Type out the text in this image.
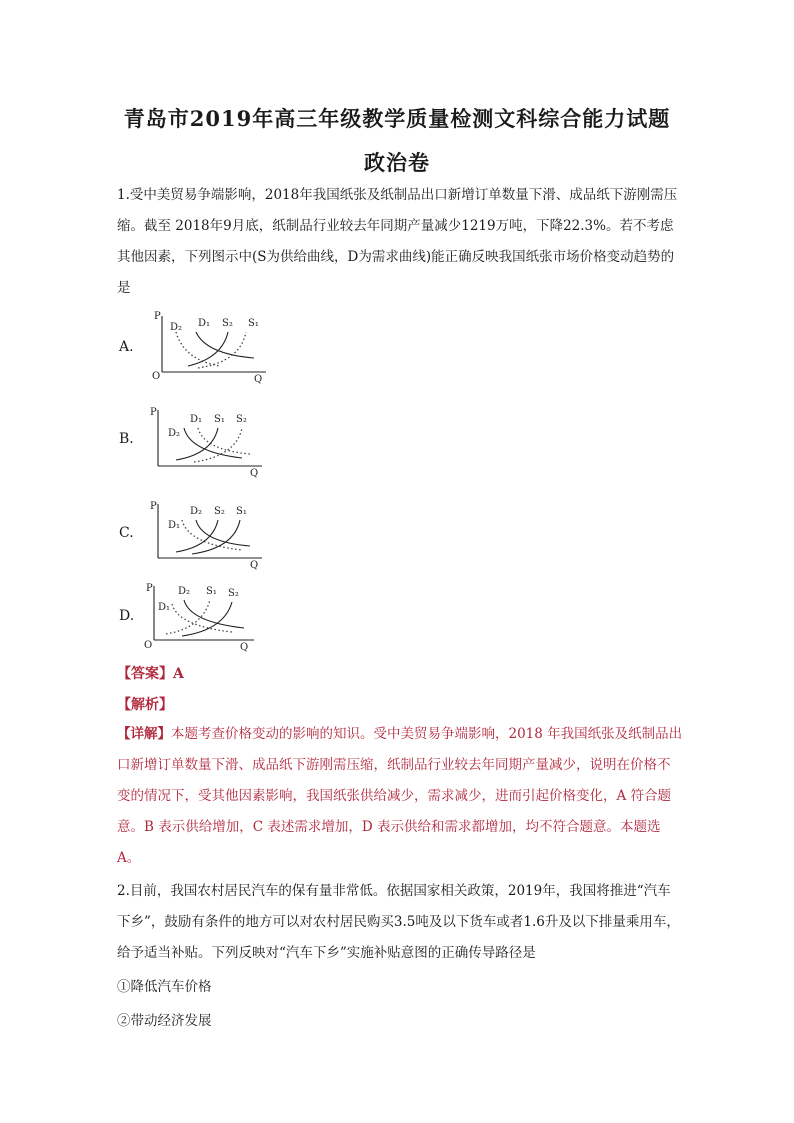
青岛市2019年高三年级教学质量检测文科综合能力试题
政治卷
1.受中美贸易争端影响，2018年我国纸张及纸制品出口新增订单数量下滑、成品纸下游刚需压缩。截至 2018年9月底，纸制品行业较去年同期产量减少1219万吨，下降22.3%。若不考虑其他因素，下列图示中(S为供给曲线，D为需求曲线)能正确反映我国纸张市场价格变动趋势的是
A.
P
Q
O
D₂ D₁ S₂ S₁
B.
P
Q
D₂
D₁ S₁ S₂
C.
P
Q
D₁
D₂ S₂ S₁
D.
P
Q
O
D₁
D₂ S₁ S₂
【答案】A
【解析】
【详解】本题考查价格变动的影响的知识。受中美贸易争端影响，2018 年我国纸张及纸制品出口新增订单数量下滑、成品纸下游刚需压缩，纸制品行业较去年同期产量减少，说明在价格不变的情况下，受其他因素影响，我国纸张供给减少，需求减少，进而引起价格变化，A 符合题意。B 表示供给增加，C 表述需求增加，D 表示供给和需求都增加，均不符合题意。本题选 A。
2.目前，我国农村居民汽车的保有量非常低。依据国家相关政策，2019年，我国将推进“汽车下乡”，鼓励有条件的地方可以对农村居民购买3.5吨及以下货车或者1.6升及以下排量乘用车，给予适当补贴。下列反映对“汽车下乡”实施补贴意图的正确传导路径是
①降低汽车价格
②带动经济发展
